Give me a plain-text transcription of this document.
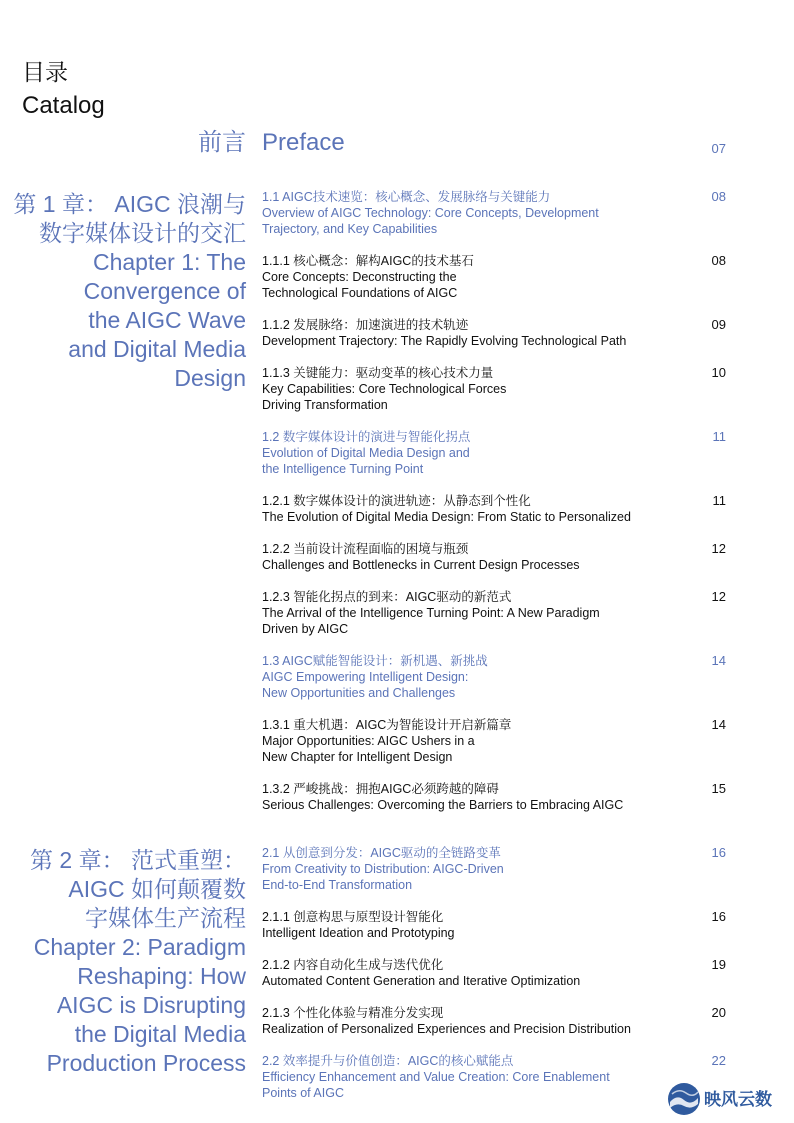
目录
Catalog
前言 Preface	07
第 1 章： AIGC 浪潮与
数字媒体设计的交汇
Chapter 1: The
Convergence of
the AIGC Wave
and Digital Media
Design
第 2 章： 范式重塑：
AIGC 如何颠覆数
字媒体生产流程
Chapter 2: Paradigm
Reshaping: How
AIGC is Disrupting
the Digital Media
Production Process
1.1 AIGC技术速览：核心概念、发展脉络与关键能力
Overview of AIGC Technology: Core Concepts, Development
Trajectory, and Key Capabilities
08
1.1.1 核心概念：解构AIGC的技术基石
Core Concepts: Deconstructing the
Technological Foundations of AIGC
08
1.1.2 发展脉络：加速演进的技术轨迹
Development Trajectory: The Rapidly Evolving Technological Path
09
1.1.3 关键能力：驱动变革的核心技术力量
Key Capabilities: Core Technological Forces
Driving Transformation
10
1.2 数字媒体设计的演进与智能化拐点
Evolution of Digital Media Design and
the Intelligence Turning Point
11
1.2.1 数字媒体设计的演进轨迹：从静态到个性化
The Evolution of Digital Media Design: From Static to Personalized
11
1.2.2 当前设计流程面临的困境与瓶颈
Challenges and Bottlenecks in Current Design Processes
12
1.2.3 智能化拐点的到来：AIGC驱动的新范式
The Arrival of the Intelligence Turning Point: A New Paradigm
Driven by AIGC
12
1.3 AIGC赋能智能设计：新机遇、新挑战
AIGC Empowering Intelligent Design:
New Opportunities and Challenges
14
1.3.1 重大机遇：AIGC为智能设计开启新篇章
Major Opportunities: AIGC Ushers in a
New Chapter for Intelligent Design
14
1.3.2 严峻挑战：拥抱AIGC必须跨越的障碍
Serious Challenges: Overcoming the Barriers to Embracing AIGC
15
2.1 从创意到分发：AIGC驱动的全链路变革
From Creativity to Distribution: AIGC-Driven
End-to-End Transformation
16
2.1.1 创意构思与原型设计智能化
Intelligent Ideation and Prototyping
16
2.1.2 内容自动化生成与迭代优化
Automated Content Generation and Iterative Optimization
19
2.1.3 个性化体验与精准分发实现
Realization of Personalized Experiences and Precision Distribution
20
2.2 效率提升与价值创造：AIGC的核心赋能点
Efficiency Enhancement and Value Creation: Core Enablement
Points of AIGC
22
映风云数
